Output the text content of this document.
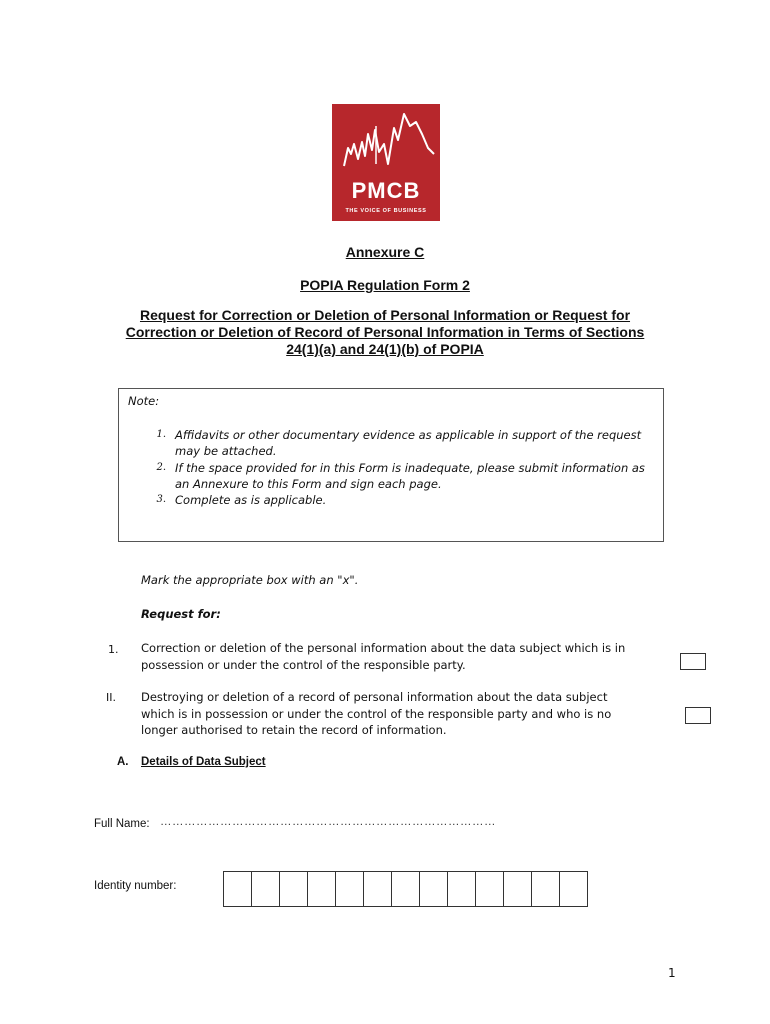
PMCB
THE VOICE OF BUSINESS
Annexure C
POPIA Regulation Form 2
Request for Correction or Deletion of Personal Information or Request for
Correction or Deletion of Record of Personal Information in Terms of Sections
24(1)(a) and 24(1)(b) of POPIA
Note:
1. Affidavits or other documentary evidence as applicable in support of the request
may be attached.
2. If the space provided for in this Form is inadequate, please submit information as
an Annexure to this Form and sign each page.
3. Complete as is applicable.
Mark the appropriate box with an "x".
Request for:
1. Correction or deletion of the personal information about the data subject which is in
possession or under the control of the responsible party.
II. Destroying or deletion of a record of personal information about the data subject
which is in possession or under the control of the responsible party and who is no
longer authorised to retain the record of information.
A. Details of Data Subject
Full Name: …………………………………………………………………………
Identity number:
1
